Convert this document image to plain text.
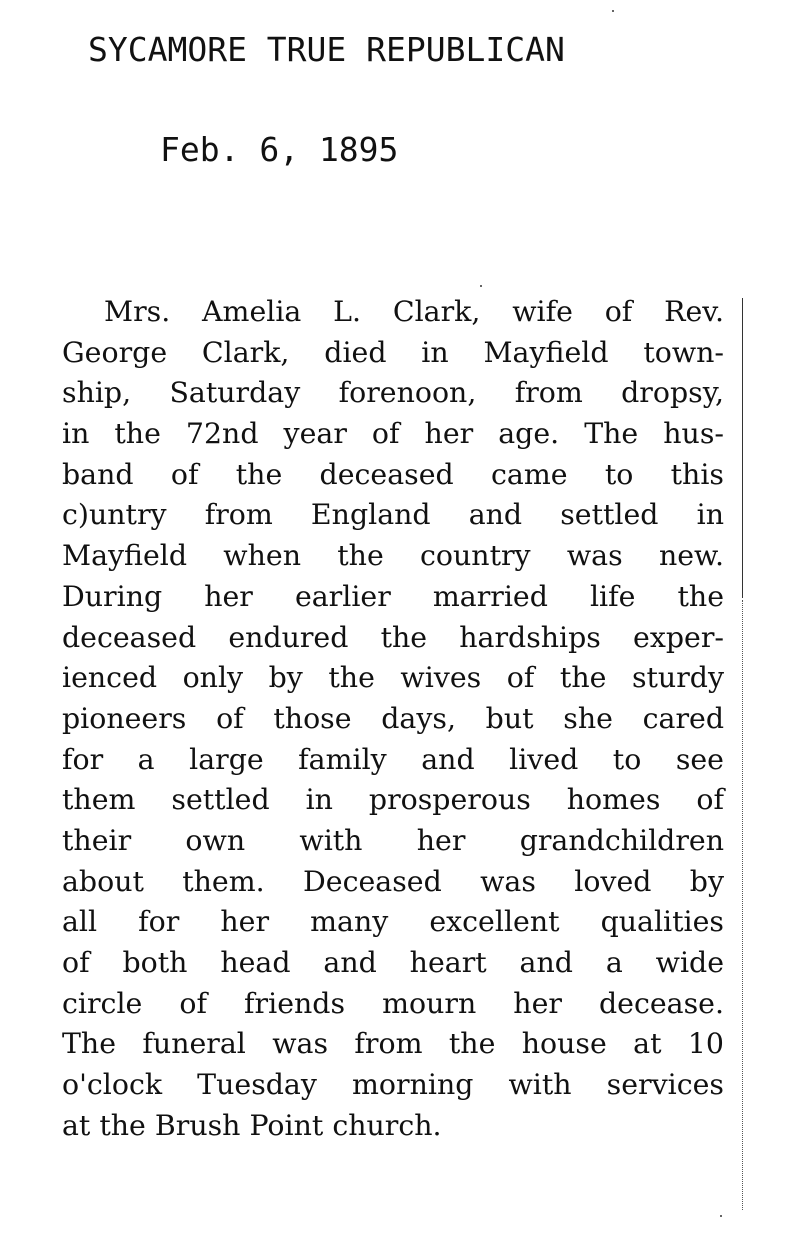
SYCAMORE TRUE REPUBLICAN
Feb. 6, 1895
Mrs. Amelia L. Clark, wife of Rev.
George Clark, died in Mayfield town-
ship, Saturday forenoon, from dropsy,
in the 72nd year of her age. The hus-
band of the deceased came to this
c)untry from England and settled in
Mayfield when the country was new.
During her earlier married life the
deceased endured the hardships exper-
ienced only by the wives of the sturdy
pioneers of those days, but she cared
for a large family and lived to see
them settled in prosperous homes of
their own with her grandchildren
about them. Deceased was loved by
all for her many excellent qualities
of both head and heart and a wide
circle of friends mourn her decease.
The funeral was from the house at 10
o'clock Tuesday morning with services
at the Brush Point church.
